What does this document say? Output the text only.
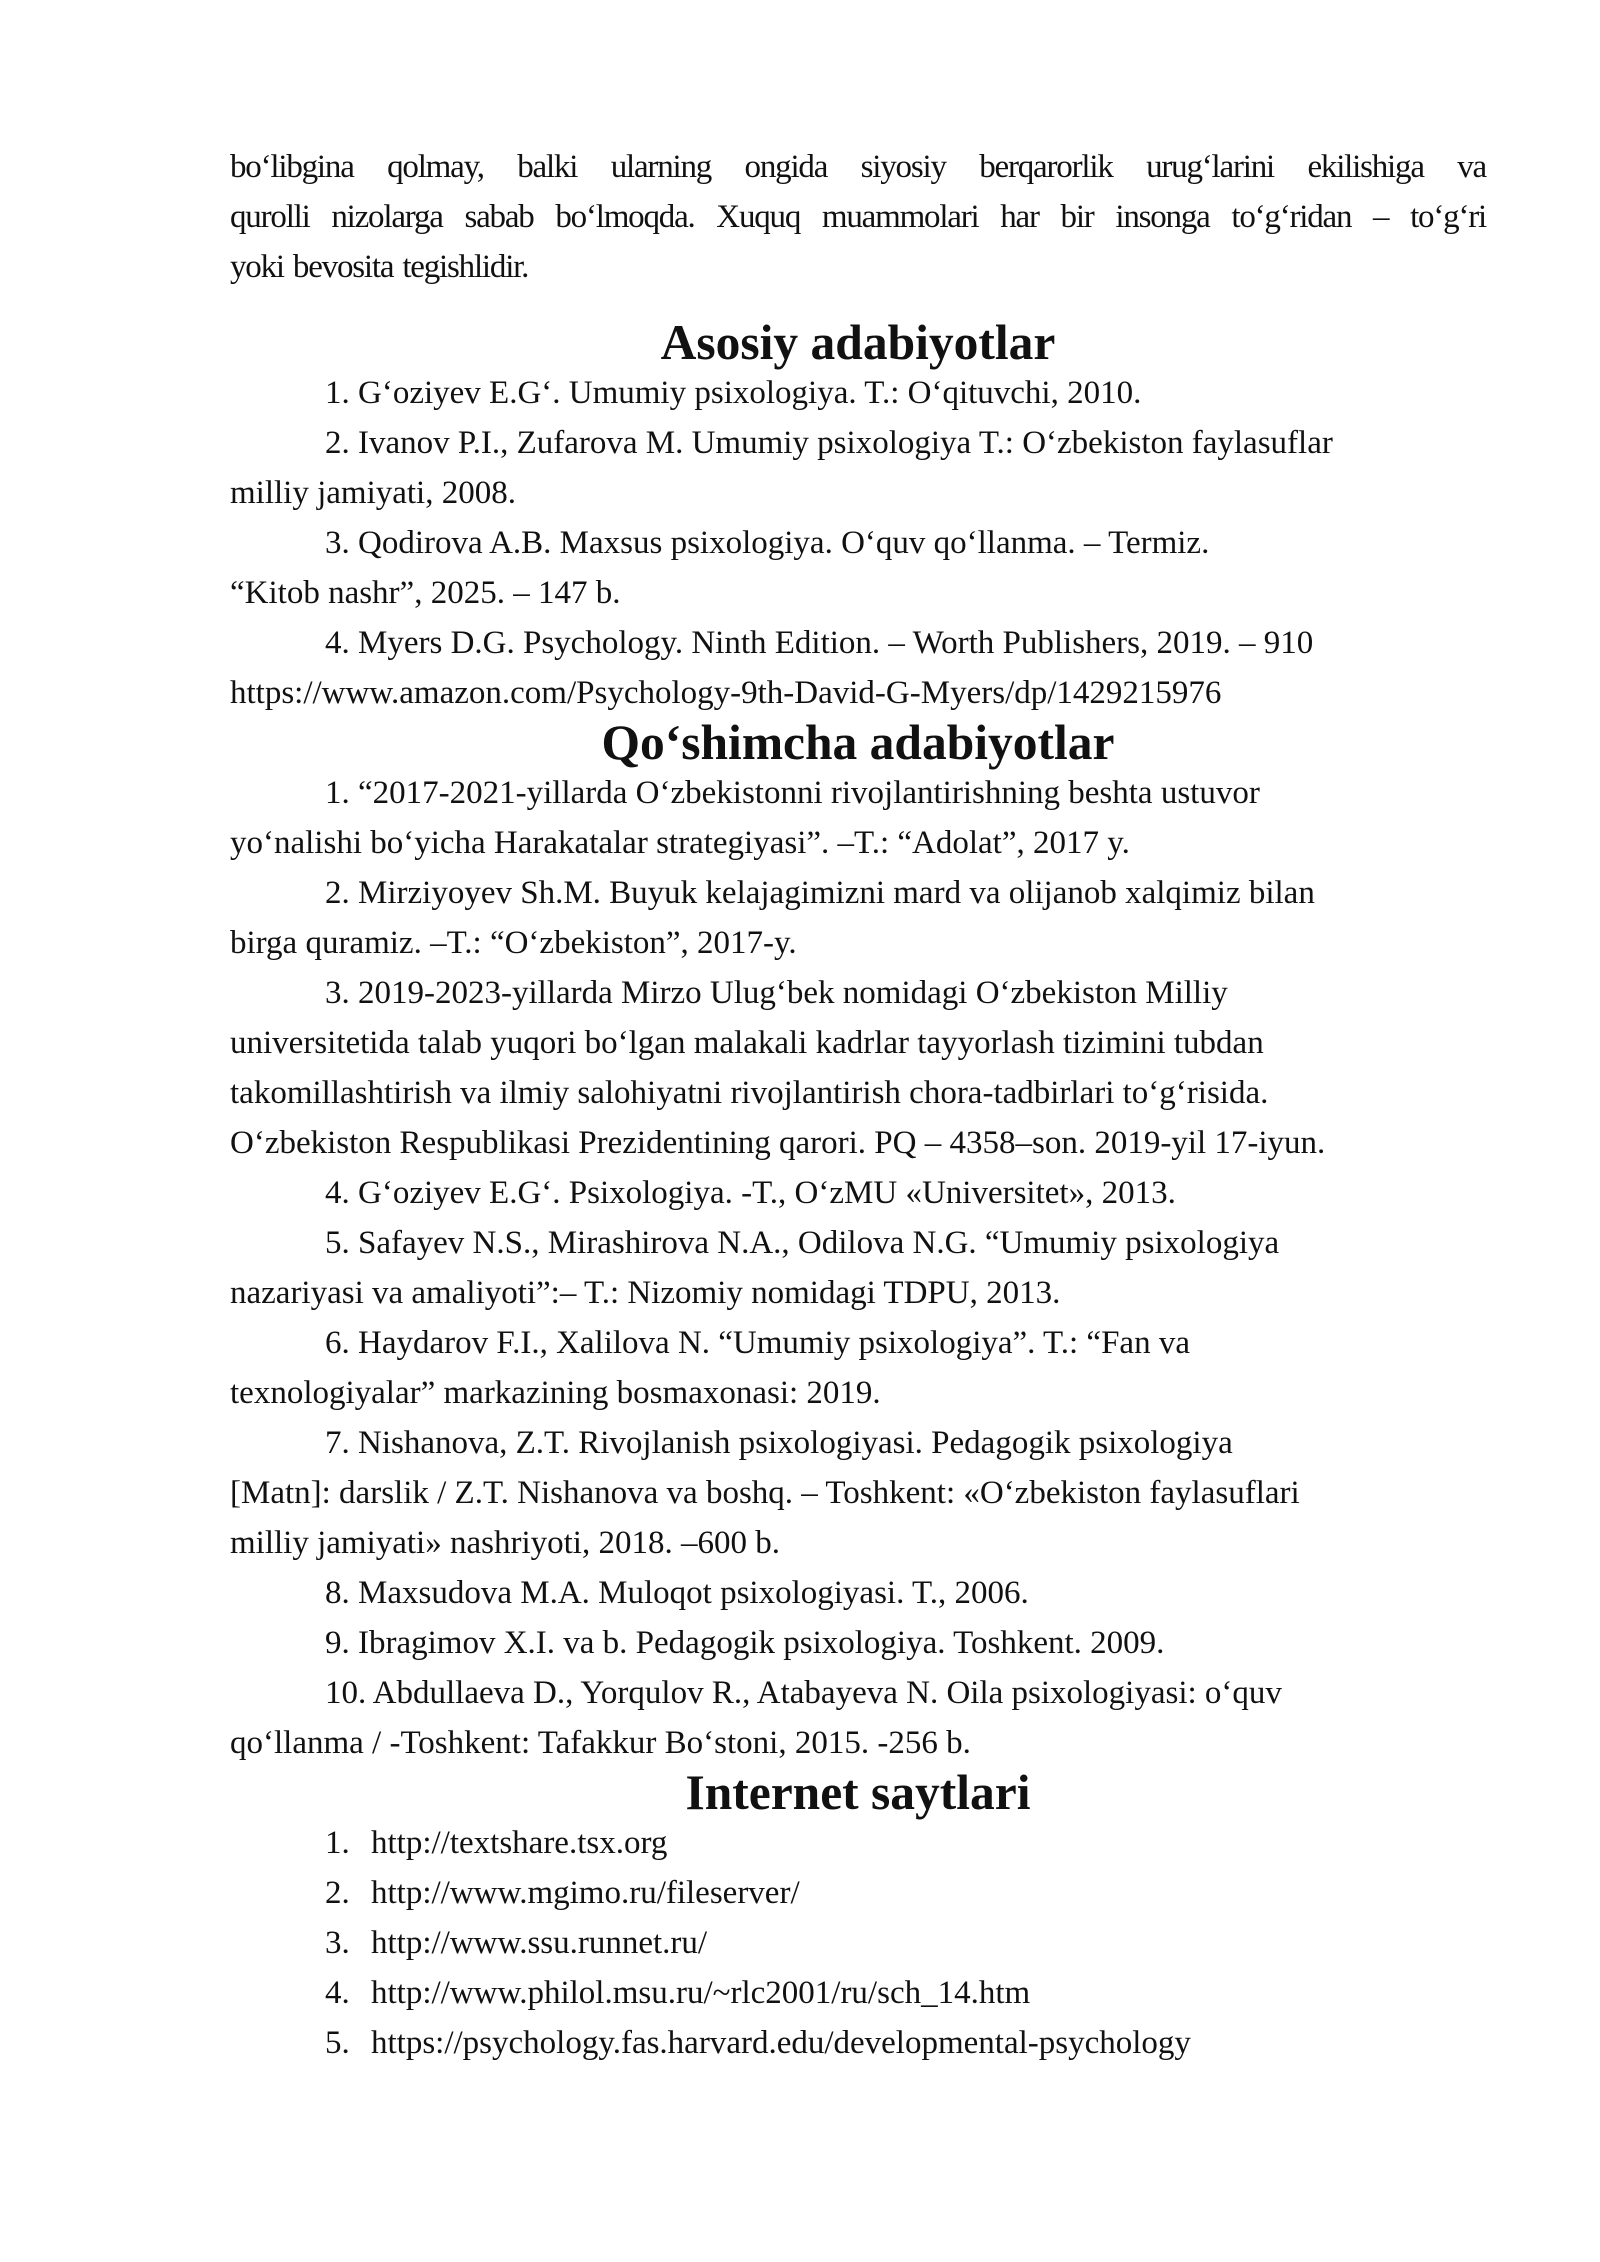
bo‘libgina qolmay, balki ularning ongida siyosiy berqarorlik urug‘larini ekilishiga va

qurolli nizolarga sabab bo‘lmoqda. Xuquq muammolari har bir insonga to‘g‘ridan – to‘g‘ri

yoki bevosita tegishlidir.

Asosiy adabiyotlar

1. G‘oziyev E.G‘. Umumiy psixologiya. T.: O‘qituvchi, 2010.

2. Ivanov P.I., Zufarova M. Umumiy psixologiya T.: O‘zbekiston faylasuflar
milliy jamiyati, 2008.

3. Qodirova A.B. Maxsus psixologiya. O‘quv qo‘llanma. – Termiz.
“Kitob nashr”, 2025. – 147 b.

4. Myers D.G. Psychology. Ninth Edition. – Worth Publishers, 2019. – 910
https://www.amazon.com/Psychology-9th-David-G-Myers/dp/1429215976

Qo‘shimcha adabiyotlar

1. “2017-2021-yillarda O‘zbekistonni rivojlantirishning beshta ustuvor
yo‘nalishi bo‘yicha Harakatalar strategiyasi”. –T.: “Adolat”, 2017 y.

2. Mirziyoyev Sh.M. Buyuk kelajagimizni mard va olijanob xalqimiz bilan
birga quramiz. –T.: “O‘zbekiston”, 2017-y.

3. 2019-2023-yillarda Mirzo Ulug‘bek nomidagi O‘zbekiston Milliy
universitetida talab yuqori bo‘lgan malakali kadrlar tayyorlash tizimini tubdan
takomillashtirish va ilmiy salohiyatni rivojlantirish chora-tadbirlari to‘g‘risida.
O‘zbekiston Respublikasi Prezidentining qarori. PQ – 4358–son. 2019-yil 17-iyun.

4. G‘oziyev E.G‘. Psixologiya. -T., O‘zMU «Universitet», 2013.

5. Safayev N.S., Mirashirova N.A., Odilova N.G. “Umumiy psixologiya
nazariyasi va amaliyoti”:– T.: Nizomiy nomidagi TDPU, 2013.

6. Haydarov F.I., Xalilova N. “Umumiy psixologiya”. T.: “Fan va
texnologiyalar” markazining bosmaxonasi: 2019.

7. Nishanova, Z.T. Rivojlanish psixologiyasi. Pedagogik psixologiya
[Matn]: darslik / Z.T. Nishanova va boshq. – Toshkent: «O‘zbekiston faylasuflari
milliy jamiyati» nashriyoti, 2018. –600 b.

8. Maxsudova M.A. Muloqot psixologiyasi. T., 2006.

9. Ibragimov X.I. va b. Pedagogik psixologiya. Toshkent. 2009.

10. Abdullaeva D., Yorqulov R., Atabayeva N. Oila psixologiyasi: o‘quv
qo‘llanma / -Toshkent: Tafakkur Bo‘stoni, 2015. -256 b.

Internet saytlari
1. http://textshare.tsx.org
2. http://www.mgimo.ru/fileserver/
3. http://www.ssu.runnet.ru/
4. http://www.philol.msu.ru/~rlc2001/ru/sch_14.htm
5. https://psychology.fas.harvard.edu/developmental-psychology
